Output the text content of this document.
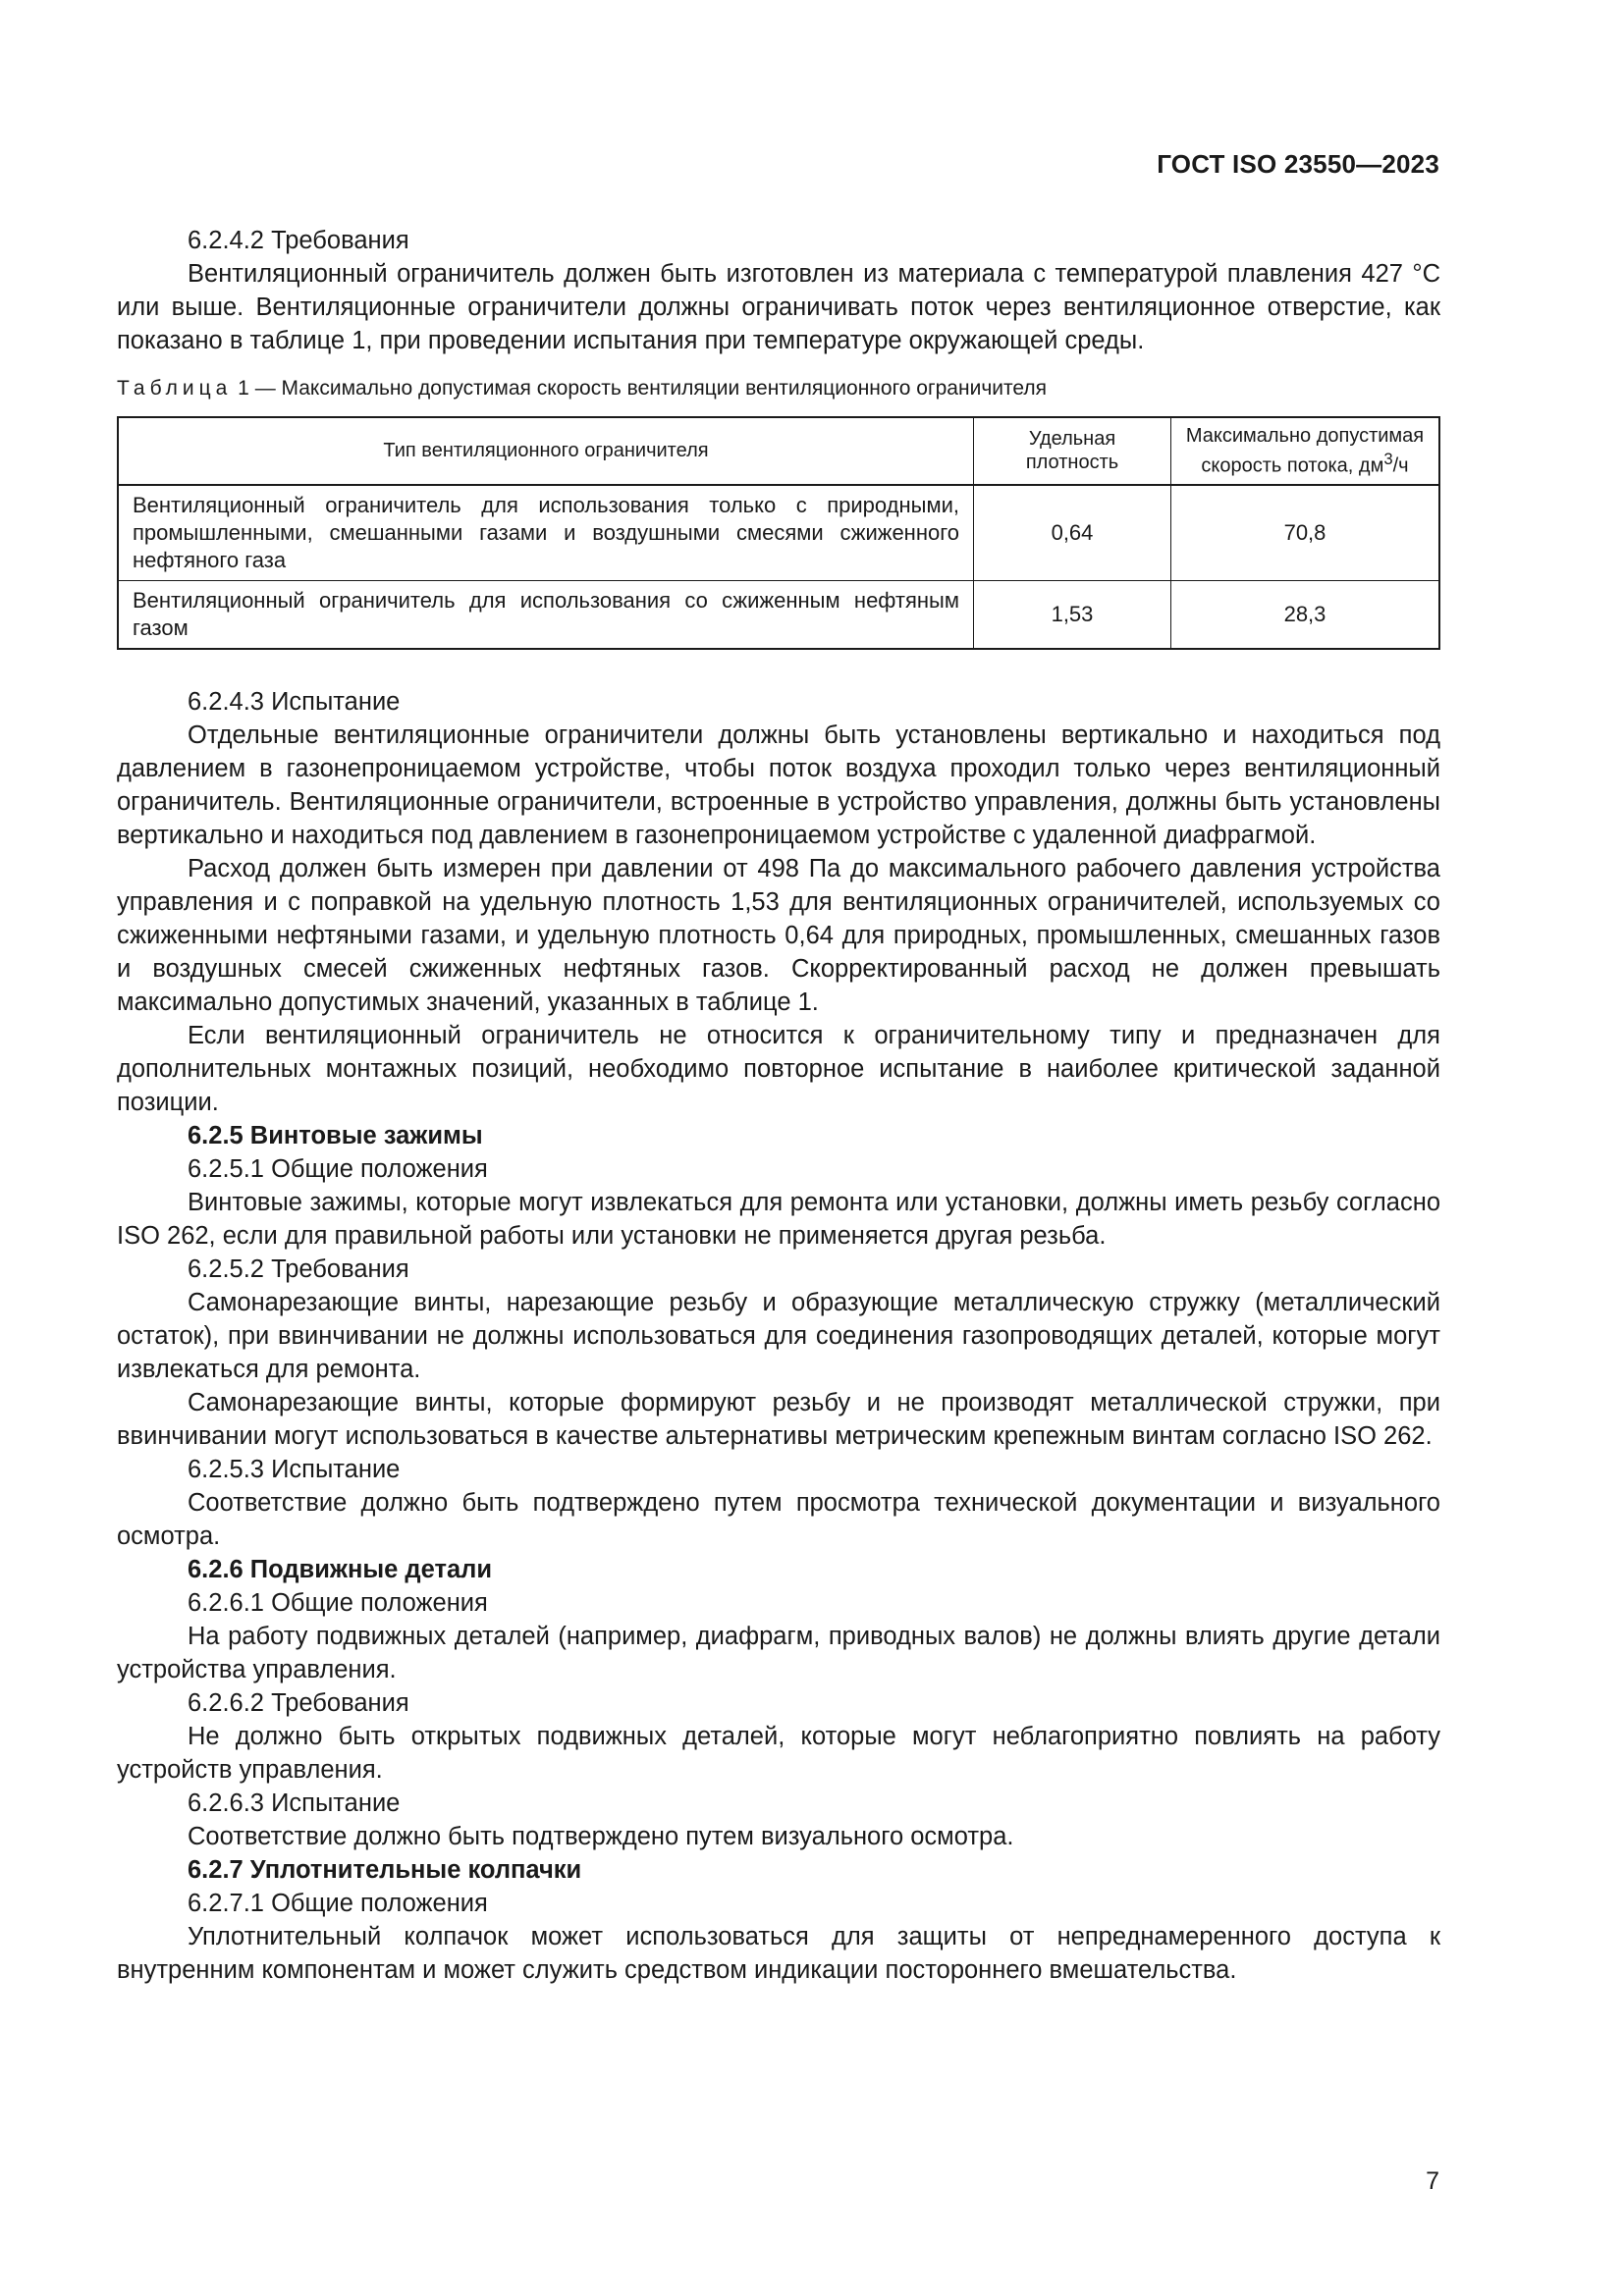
ГОСТ ISO 23550—2023

6.2.4.2 Требования

Вентиляционный ограничитель должен быть изготовлен из материала с температурой плавления 427 °С или выше. Вентиляционные ограничители должны ограничивать поток через вентиляционное отверстие, как показано в таблице 1, при проведении испытания при температуре окружающей среды.

Таблица 1 — Максимально допустимая скорость вентиляции вентиляционного ограничителя

Тип вентиляционного ограничителя	Удельная плотность	Максимально допустимая скорость потока, $дм^3/ч$
Вентиляционный ограничитель для использования только с природными, промышленными, смешанными газами и воздушными смесями сжиженного нефтяного газа	0,64	70,8
Вентиляционный ограничитель для использования со сжиженным нефтяным газом	1,53	28,3

6.2.4.3 Испытание

Отдельные вентиляционные ограничители должны быть установлены вертикально и находиться под давлением в газонепроницаемом устройстве, чтобы поток воздуха проходил только через вентиляционный ограничитель. Вентиляционные ограничители, встроенные в устройство управления, должны быть установлены вертикально и находиться под давлением в газонепроницаемом устройстве с удаленной диафрагмой.

Расход должен быть измерен при давлении от 498 Па до максимального рабочего давления устройства управления и с поправкой на удельную плотность 1,53 для вентиляционных ограничителей, используемых со сжиженными нефтяными газами, и удельную плотность 0,64 для природных, промышленных, смешанных газов и воздушных смесей сжиженных нефтяных газов. Скорректированный расход не должен превышать максимально допустимых значений, указанных в таблице 1.

Если вентиляционный ограничитель не относится к ограничительному типу и предназначен для дополнительных монтажных позиций, необходимо повторное испытание в наиболее критической заданной позиции.

6.2.5 Винтовые зажимы

6.2.5.1 Общие положения

Винтовые зажимы, которые могут извлекаться для ремонта или установки, должны иметь резьбу согласно ISO 262, если для правильной работы или установки не применяется другая резьба.

6.2.5.2 Требования

Самонарезающие винты, нарезающие резьбу и образующие металлическую стружку (металлический остаток), при ввинчивании не должны использоваться для соединения газопроводящих деталей, которые могут извлекаться для ремонта.

Самонарезающие винты, которые формируют резьбу и не производят металлической стружки, при ввинчивании могут использоваться в качестве альтернативы метрическим крепежным винтам согласно ISO 262.

6.2.5.3 Испытание

Соответствие должно быть подтверждено путем просмотра технической документации и визуального осмотра.

6.2.6 Подвижные детали

6.2.6.1 Общие положения

На работу подвижных деталей (например, диафрагм, приводных валов) не должны влиять другие детали устройства управления.

6.2.6.2 Требования

Не должно быть открытых подвижных деталей, которые могут неблагоприятно повлиять на работу устройств управления.

6.2.6.3 Испытание

Соответствие должно быть подтверждено путем визуального осмотра.

6.2.7 Уплотнительные колпачки

6.2.7.1 Общие положения

Уплотнительный колпачок может использоваться для защиты от непреднамеренного доступа к внутренним компонентам и может служить средством индикации постороннего вмешательства.

7
